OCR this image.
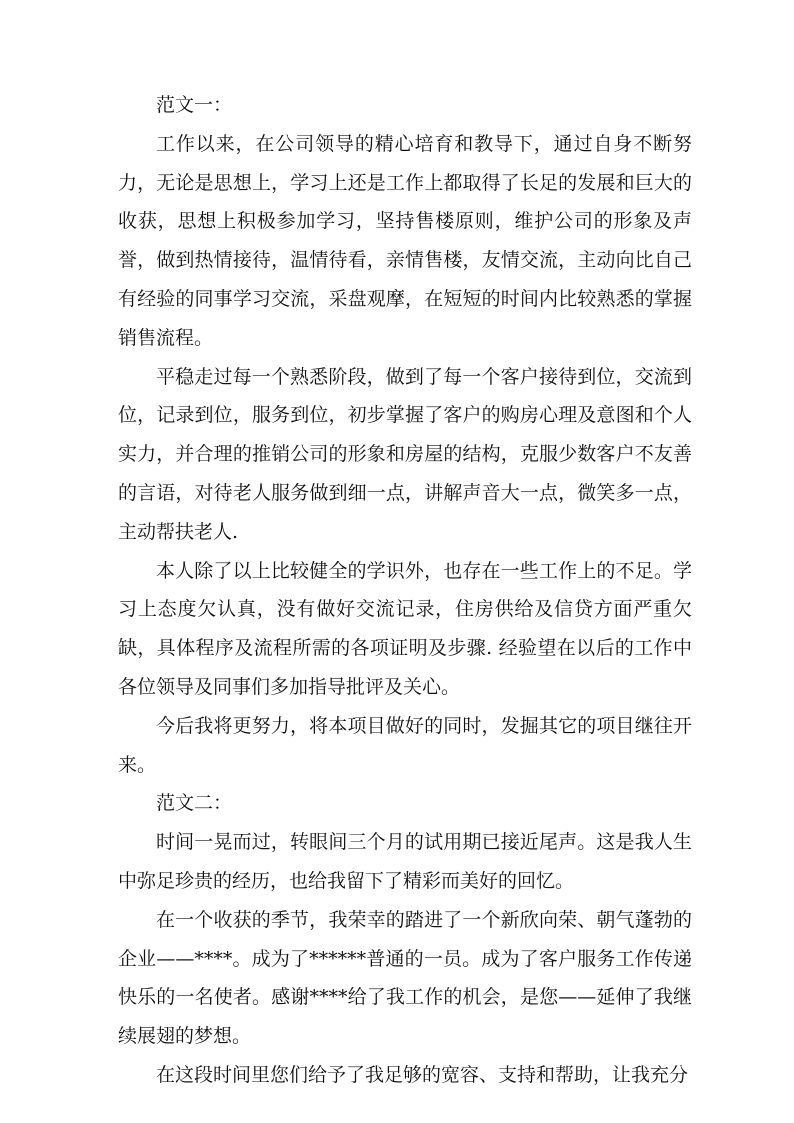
范文一：

工作以来，在公司领导的精心培育和教导下，通过自身不断努力，无论是思想上，学习上还是工作上都取得了长足的发展和巨大的收获，思想上积极参加学习，坚持售楼原则，维护公司的形象及声誉，做到热情接待，温情待看，亲情售楼，友情交流，主动向比自己有经验的同事学习交流，采盘观摩，在短短的时间内比较熟悉的掌握销售流程。

平稳走过每一个熟悉阶段，做到了每一个客户接待到位，交流到位，记录到位，服务到位，初步掌握了客户的购房心理及意图和个人实力，并合理的推销公司的形象和房屋的结构，克服少数客户不友善的言语，对待老人服务做到细一点，讲解声音大一点，微笑多一点，主动帮扶老人.

本人除了以上比较健全的学识外，也存在一些工作上的不足。学习上态度欠认真，没有做好交流记录，住房供给及信贷方面严重欠缺，具体程序及流程所需的各项证明及步骤. 经验望在以后的工作中各位领导及同事们多加指导批评及关心。

今后我将更努力，将本项目做好的同时，发掘其它的项目继往开来。

范文二：

时间一晃而过，转眼间三个月的试用期已接近尾声。这是我人生中弥足珍贵的经历，也给我留下了精彩而美好的回忆。

在一个收获的季节，我荣幸的踏进了一个新欣向荣、朝气蓬勃的企业——****。成为了******普通的一员。成为了客户服务工作传递快乐的一名使者。感谢****给了我工作的机会，是您——延伸了我继续展翅的梦想。

在这段时间里您们给予了我足够的宽容、支持和帮助，让我充分
